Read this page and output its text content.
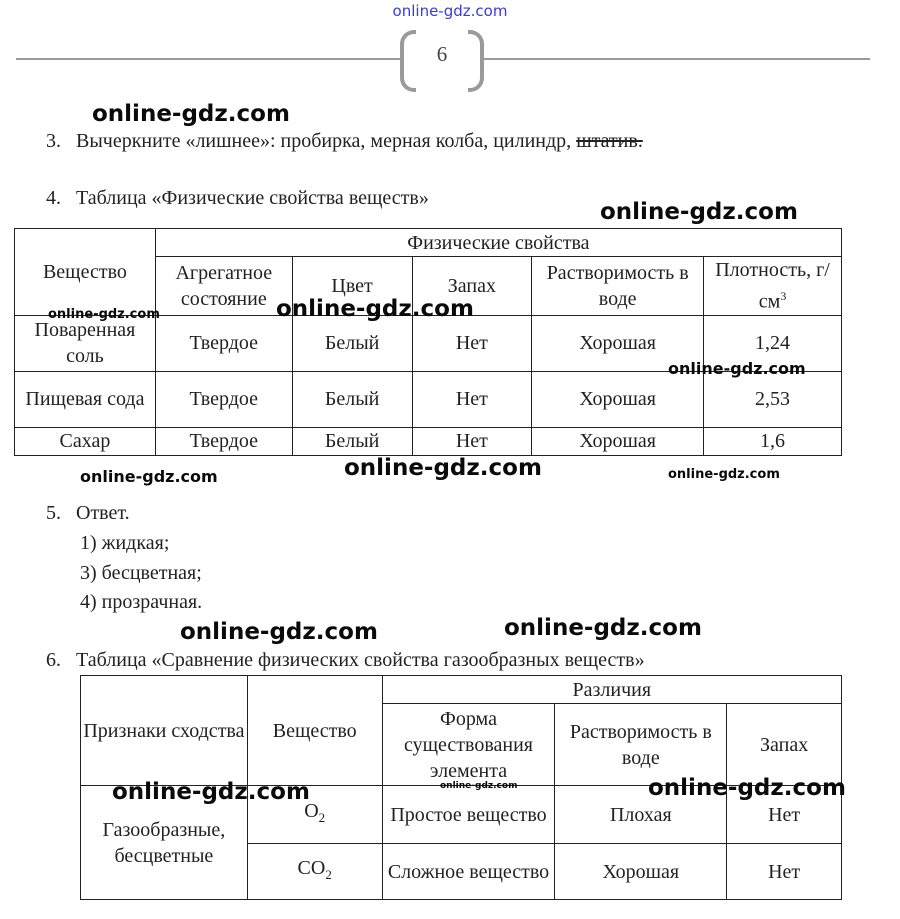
online-gdz.com
6
3. Вычеркните «лишнее»: пробирка, мерная колба, цилиндр, штатив.
4. Таблица «Физические свойства веществ»
Вещество	Физические свойства				
	Агрегатное состояние	Цвет	Запах	Растворимость в воде	Плотность, $г/см^3$
Поваренная соль	Твердое	Белый	Нет	Хорошая	1,24
Пищевая сода	Твердое	Белый	Нет	Хорошая	2,53
Сахар	Твердое	Белый	Нет	Хорошая	1,6
5. Ответ.
1) жидкая;
3) бесцветная;
4) прозрачная.
6. Таблица «Сравнение физических свойства газообразных веществ»
Признаки сходства	Вещество	Различия		
		Форма существования элемента	Растворимость в воде	Запах
Газообразные, бесцветные	$O_2$	Простое вещество	Плохая	Нет
	$CO_2$	Сложное вещество	Хорошая	Нет
online-gdz.com
online-gdz.com
online-gdz.com
online-gdz.com
online-gdz.com
online-gdz.com
online-gdz.com	online-gdz.com
online-gdz.com	online-gdz.com
online-gdz.com
online-gdz.com	online-gdz.com
